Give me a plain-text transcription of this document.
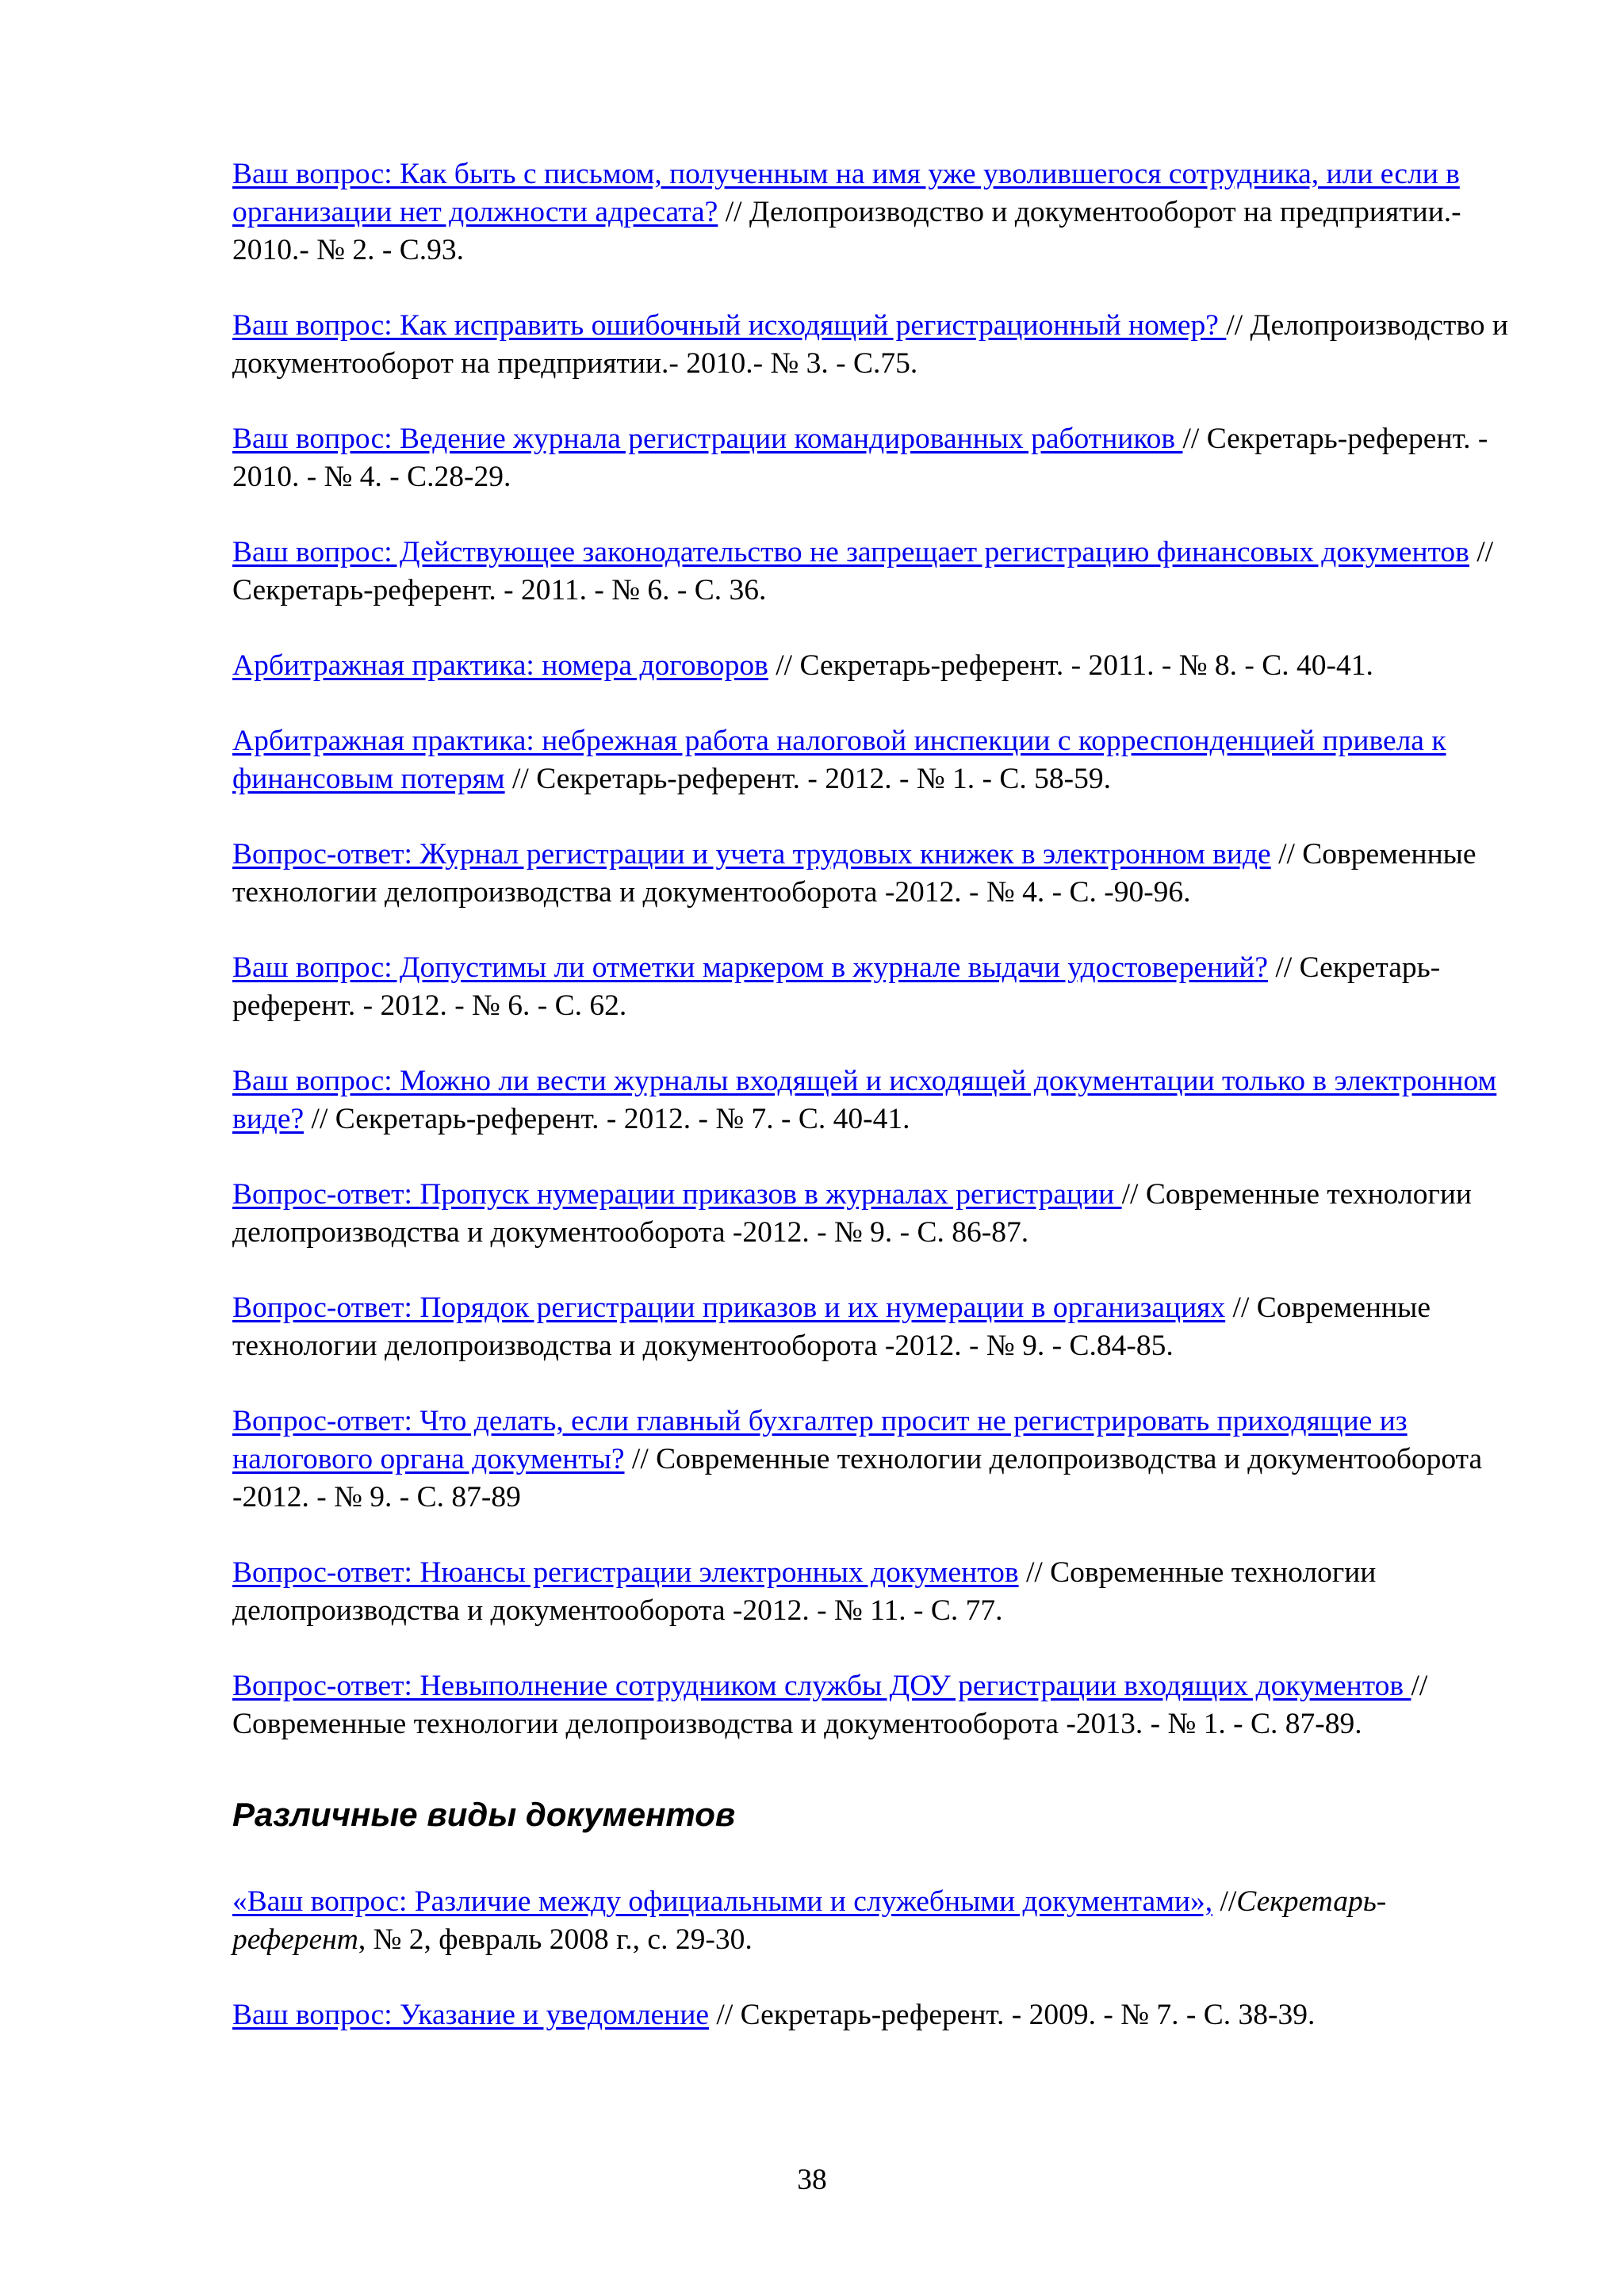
Ваш вопрос: Как быть с письмом, полученным на имя уже уволившегося сотрудника, или если в организации нет должности адресата? // Делопроизводство и документооборот на предприятии.- 2010.- № 2. - С.93.
Ваш вопрос: Как исправить ошибочный исходящий регистрационный номер? // Делопроизводство и документооборот на предприятии.- 2010.- № 3. - С.75.
Ваш вопрос: Ведение журнала регистрации командированных работников // Секретарь-референт. - 2010. - № 4. - С.28-29.
Ваш вопрос: Действующее законодательство не запрещает регистрацию финансовых документов // Секретарь-референт. - 2011. - № 6. - С. 36.
Арбитражная практика: номера договоров // Секретарь-референт. - 2011. - № 8. - С. 40-41.
Арбитражная практика: небрежная работа налоговой инспекции с корреспонденцией привела к финансовым потерям // Секретарь-референт. - 2012. - № 1. - С. 58-59.
Вопрос-ответ: Журнал регистрации и учета трудовых книжек в электронном виде // Современные технологии делопроизводства и документооборота -2012. - № 4. - С. -90-96.
Ваш вопрос: Допустимы ли отметки маркером в журнале выдачи удостоверений? // Секретарь-референт. - 2012. - № 6. - С. 62.
Ваш вопрос: Можно ли вести журналы входящей и исходящей документации только в электронном виде? // Секретарь-референт. - 2012. - № 7. - С. 40-41.
Вопрос-ответ: Пропуск нумерации приказов в журналах регистрации // Современные технологии делопроизводства и документооборота -2012. - № 9. - С. 86-87.
Вопрос-ответ: Порядок регистрации приказов и их нумерации в организациях // Современные технологии делопроизводства и документооборота -2012. - № 9. - С.84-85.
Вопрос-ответ: Что делать, если главный бухгалтер просит не регистрировать приходящие из налогового органа документы? // Современные технологии делопроизводства и документооборота -2012. - № 9. - С. 87-89
Вопрос-ответ: Нюансы регистрации электронных документов // Современные технологии делопроизводства и документооборота -2012. - № 11. - С. 77.
Вопрос-ответ: Невыполнение сотрудником службы ДОУ регистрации входящих документов // Современные технологии делопроизводства и документооборота -2013. - № 1. - С. 87-89.
Различные виды документов
«Ваш вопрос: Различие между официальными и служебными документами», //Секретарь-референт, № 2, февраль 2008 г., с. 29-30.
Ваш вопрос: Указание и уведомление // Секретарь-референт. - 2009. - № 7. - С. 38-39.
38
